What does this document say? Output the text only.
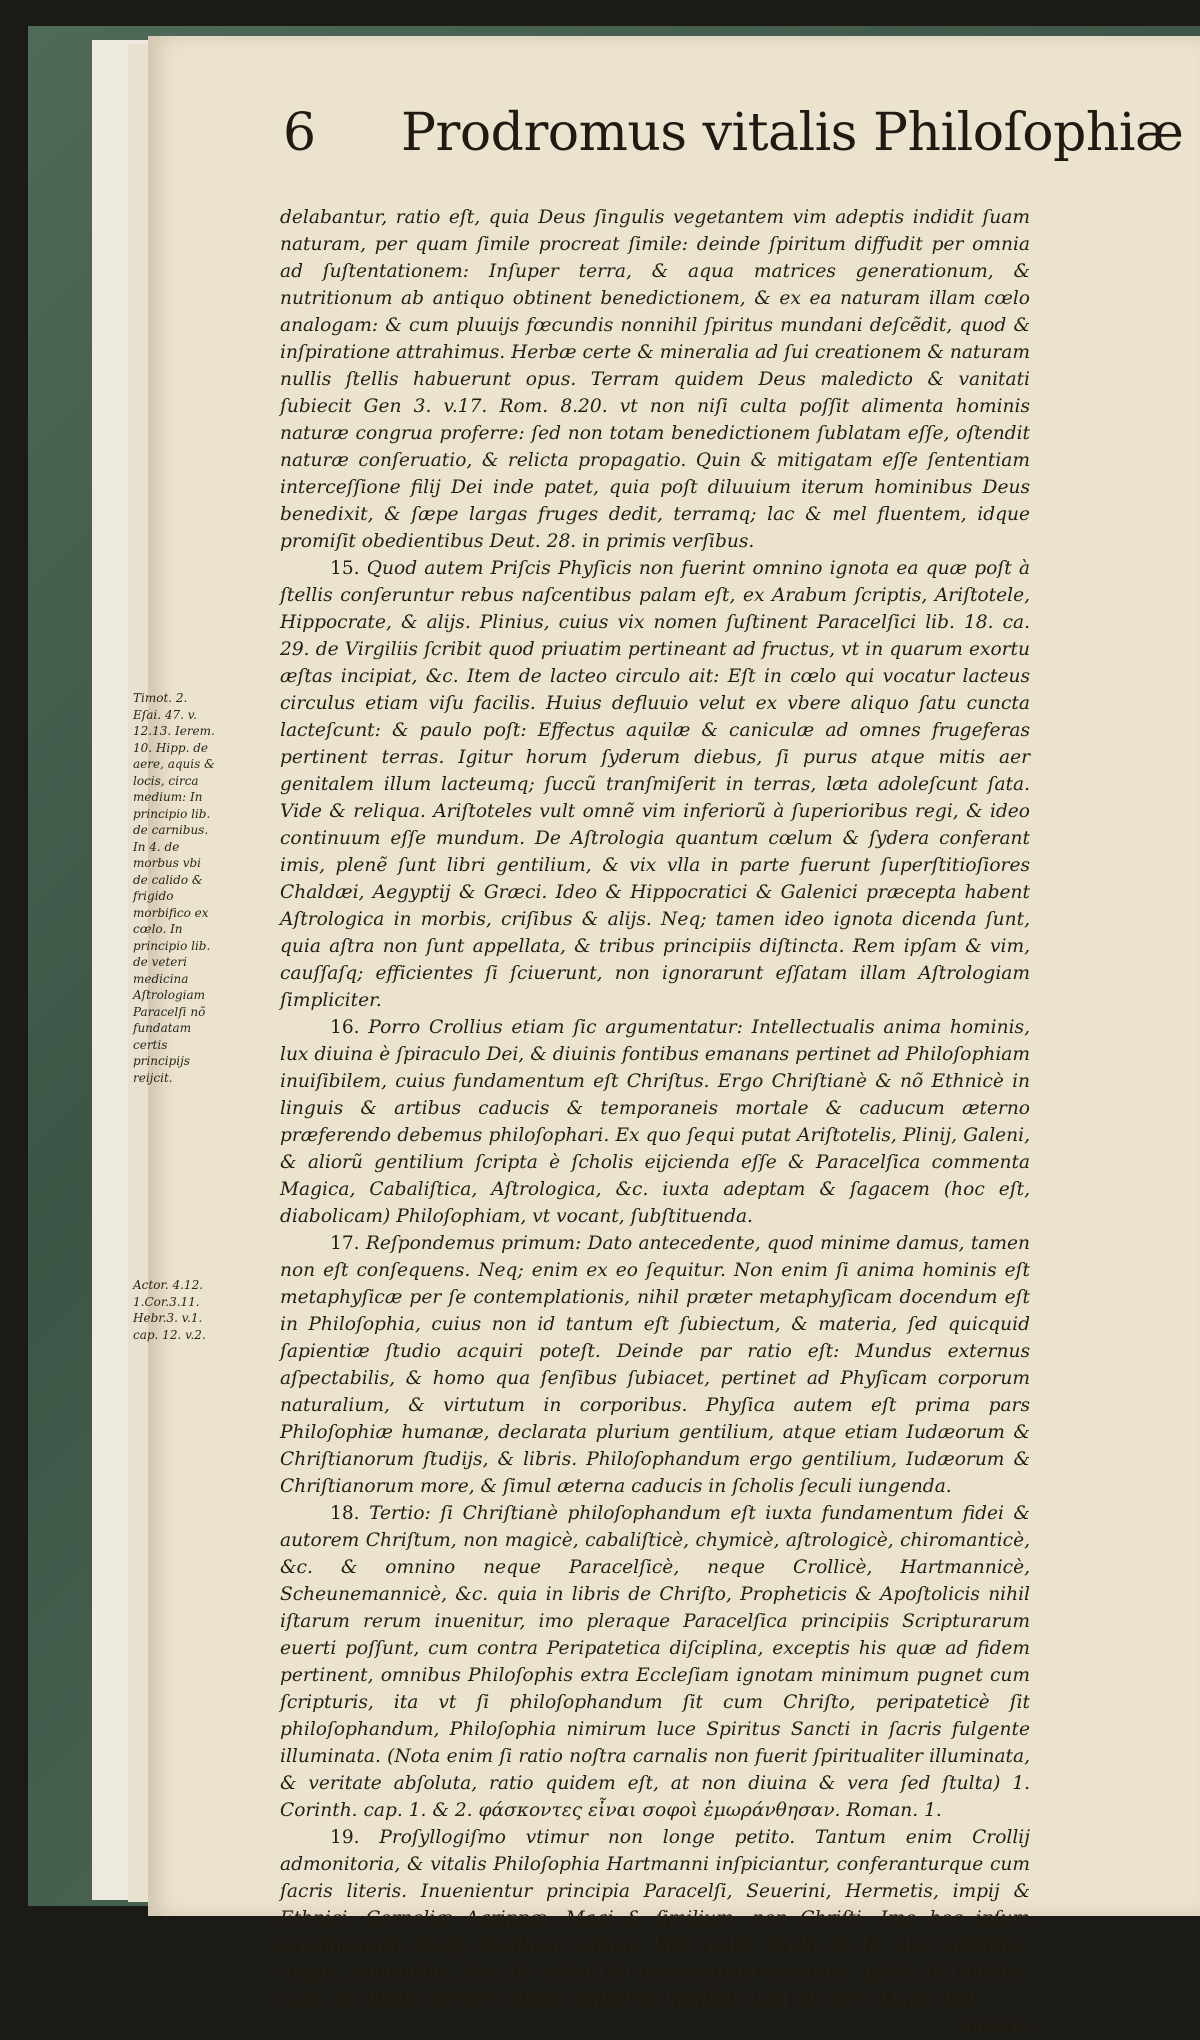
6 Prodromus vitalis Philoſophiæ

Timot. 2. Eſai. 47. v. 12.13. Ierem. 10. Hipp. de aere, aquis & locis, circa medium: In principio lib. de carnibus. In 4. de morbus vbi de calido & frigido morbifico ex cœlo. In principio lib. de veteri medicina Aſtrologiam Paracelſi nõ fundatam certis principijs reijcit.

Actor. 4.12. 1.Cor.3.11. Hebr.3. v.1. cap. 12. v.2.

delabantur, ratio eſt, quia Deus ſingulis vegetantem vim adeptis indidit ſuam naturam, per quam ſimile procreat ſimile: deinde ſpiritum diffudit per omnia ad ſuſtentationem: Inſuper terra, & aqua matrices generationum, & nutritionum ab antiquo obtinent benedictionem, & ex ea naturam illam cœlo analogam: & cum pluuijs fœcundis nonnihil ſpiritus mundani deſcẽdit, quod & inſpiratione attrahimus. Herbæ certe & mineralia ad ſui creationem & naturam nullis ſtellis habuerunt opus. Terram quidem Deus maledicto & vanitati ſubiecit Gen 3. v.17. Rom. 8.20. vt non niſi culta poſſit alimenta hominis naturæ congrua proferre: ſed non totam benedictionem ſublatam eſſe, oſtendit naturæ conſeruatio, & relicta propagatio. Quin & mitigatam eſſe ſententiam interceſſione filij Dei inde patet, quia poſt diluuium iterum hominibus Deus benedixit, & ſæpe largas fruges dedit, terramq; lac & mel fluentem, idque promiſit obedientibus Deut. 28. in primis verſibus.

15. Quod autem Priſcis Phyſicis non fuerint omnino ignota ea quæ poſt à ſtellis conſeruntur rebus naſcentibus palam eſt, ex Arabum ſcriptis, Ariſtotele, Hippocrate, & alijs. Plinius, cuius vix nomen ſuſtinent Paracelſici lib. 18. ca. 29. de Virgiliis ſcribit quod priuatim pertineant ad fructus, vt in quarum exortu æſtas incipiat, &c. Item de lacteo circulo ait: Eſt in cœlo qui vocatur lacteus circulus etiam viſu facilis. Huius defluuio velut ex vbere aliquo ſatu cuncta lacteſcunt: & paulo poſt: Effectus aquilæ & caniculæ ad omnes frugeferas pertinent terras. Igitur horum ſyderum diebus, ſi purus atque mitis aer genitalem illum lacteumq; ſuccũ tranſmiſerit in terras, læta adoleſcunt ſata. Vide & reliqua. Ariſtoteles vult omnẽ vim inferiorũ à ſuperioribus regi, & ideo continuum eſſe mundum. De Aſtrologia quantum cœlum & ſydera conferant imis, plenẽ ſunt libri gentilium, & vix vlla in parte fuerunt ſuperſtitioſiores Chaldæi, Aegyptij & Græci. Ideo & Hippocratici & Galenici præcepta habent Aſtrologica in morbis, criſibus & alijs. Neq; tamen ideo ignota dicenda ſunt, quia aſtra non ſunt appellata, & tribus principiis diſtincta. Rem ipſam & vim, cauſſaſq; efficientes ſi ſciuerunt, non ignorarunt eſſatam illam Aſtrologiam ſimpliciter.

16. Porro Crollius etiam ſic argumentatur: Intellectualis anima hominis, lux diuina è ſpiraculo Dei, & diuinis fontibus emanans pertinet ad Philoſophiam inuiſibilem, cuius fundamentum eſt Chriſtus. Ergo Chriſtianè & nõ Ethnicè in linguis & artibus caducis & temporaneis mortale & caducum æterno præferendo debemus philoſophari. Ex quo ſequi putat Ariſtotelis, Plinij, Galeni, & aliorũ gentilium ſcripta è ſcholis eijcienda eſſe & Paracelſica commenta Magica, Cabaliſtica, Aſtrologica, &c. iuxta adeptam & ſagacem (hoc eſt, diabolicam) Philoſophiam, vt vocant, ſubſtituenda.

17. Reſpondemus primum: Dato antecedente, quod minime damus, tamen non eſt conſequens. Neq; enim ex eo ſequitur. Non enim ſi anima hominis eſt metaphyſicæ per ſe contemplationis, nihil præter metaphyſicam docendum eſt in Philoſophia, cuius non id tantum eſt ſubiectum, & materia, ſed quicquid ſapientiæ ſtudio acquiri poteſt. Deinde par ratio eſt: Mundus externus aſpectabilis, & homo qua ſenſibus ſubiacet, pertinet ad Phyſicam corporum naturalium, & virtutum in corporibus. Phyſica autem eſt prima pars Philoſophiæ humanæ, declarata plurium gentilium, atque etiam Iudæorum & Chriſtianorum ſtudijs, & libris. Philoſophandum ergo gentilium, Iudæorum & Chriſtianorum more, & ſimul æterna caducis in ſcholis ſeculi iungenda.

18. Tertio: ſi Chriſtianè philoſophandum eſt iuxta fundamentum fidei & autorem Chriſtum, non magicè, cabaliſticè, chymicè, aſtrologicè, chiromanticè, &c. & omnino neque Paracelſicè, neque Crollicè, Hartmannicè, Scheunemannicè, &c. quia in libris de Chriſto, Propheticis & Apoſtolicis nihil iſtarum rerum inuenitur, imo pleraque Paracelſica principiis Scripturarum euerti poſſunt, cum contra Peripatetica diſciplina, exceptis his quæ ad fidem pertinent, omnibus Philoſophis extra Eccleſiam ignotam minimum pugnet cum ſcripturis, ita vt ſi philoſophandum ſit cum Chriſto, peripateticè ſit philoſophandum, Philoſophia nimirum luce Spiritus Sancti in ſacris fulgente illuminata. (Nota enim ſi ratio noſtra carnalis non fuerit ſpiritualiter illuminata, & veritate abſoluta, ratio quidem eſt, at non diuina & vera ſed ſtulta) 1. Corinth. cap. 1. & 2. φάσκοντες εἶναι σοφοὶ ἐμωράνθησαν. Roman. 1.

19. Proſyllogiſmo vtimur non longe petito. Tantum enim Crollij admonitoria, & vitalis Philoſophia Hartmanni inſpiciantur, conferanturque cum ſacris literis. Inuenientur principia Paracelſi, Seuerini, Hermetis, impij & Ethnici, Corneliæ Agrippæ, Magi & ſimilium, non Chriſti. Imo hoc ipſum argumentum Crolij Crollium refutat. Vide p.46. Crolli & 44. de Cabaliſtis, magis, nominibus, &c. de verbo Dei incarnato in creaturis: p.38. de Gabalia: p.35. de duplici corpore Adami viſibili & inuiſibili p.34. de vero Mago. Vbi

hæc in
